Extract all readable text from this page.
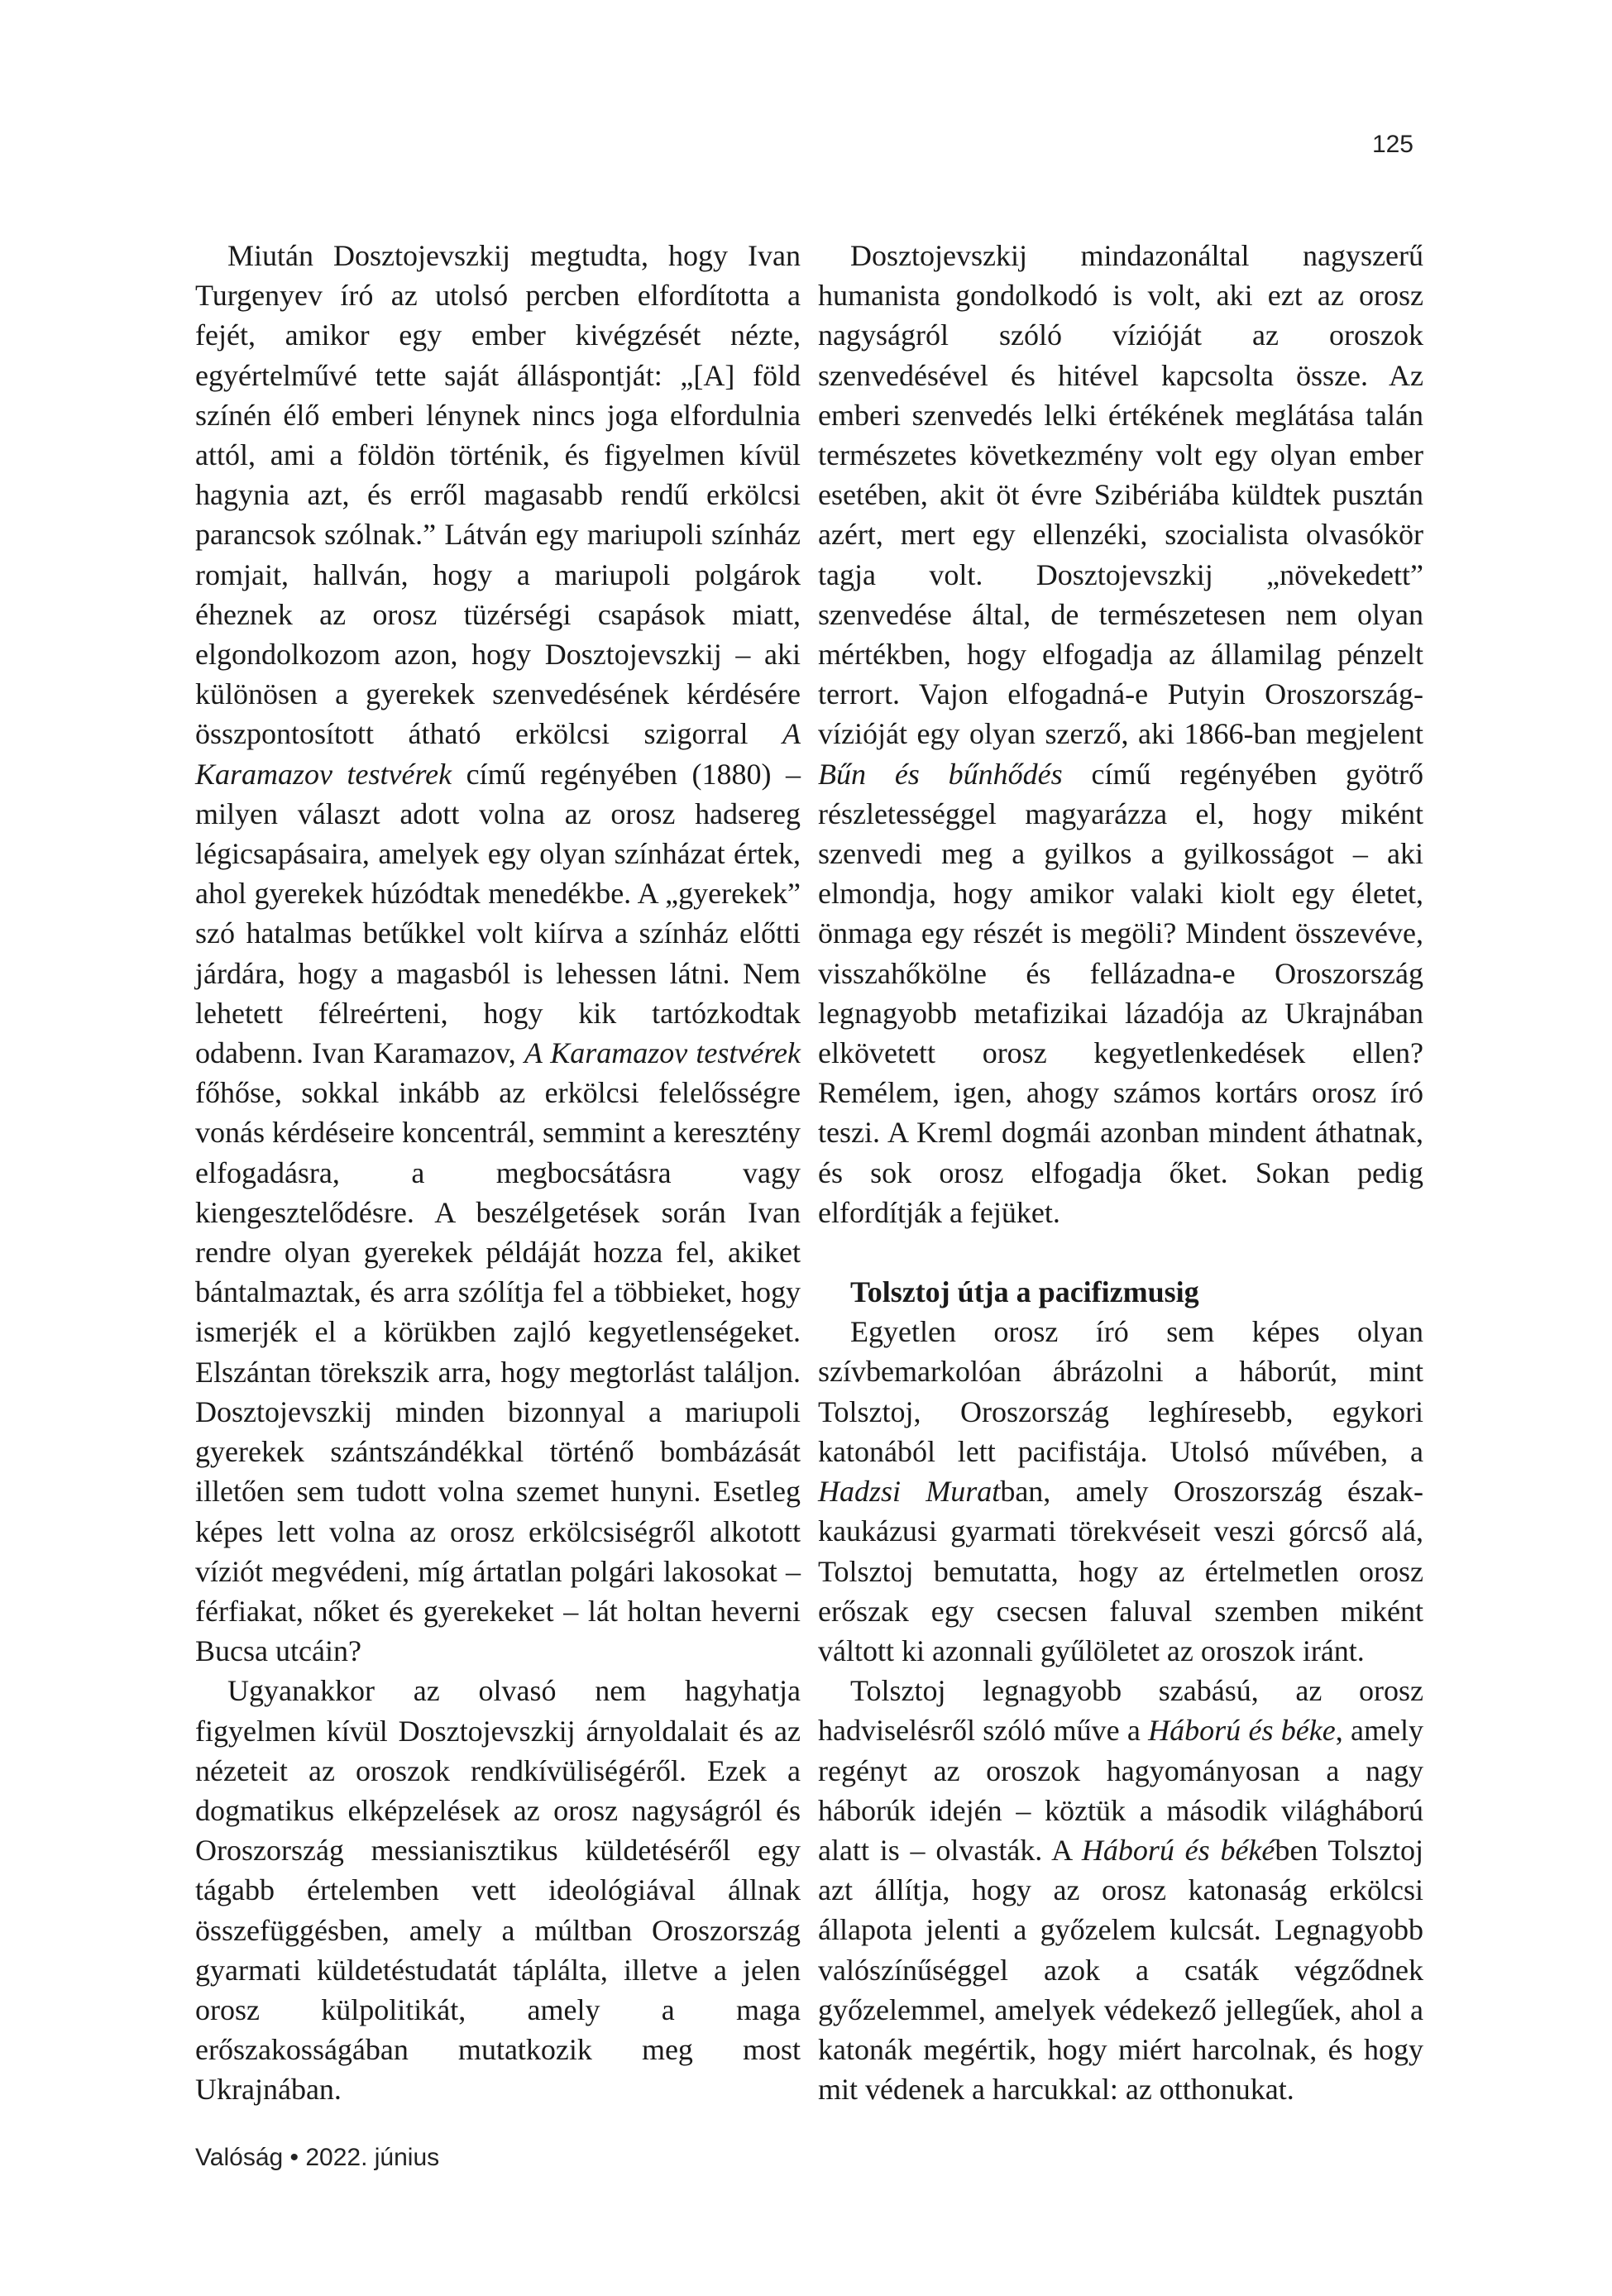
125

Miután Dosztojevszkij megtudta, hogy Ivan Turgenyev író az utolsó percben elfordította a fejét, amikor egy ember kivégzését nézte, egyértelművé tette saját álláspontját: „[A] föld színén élő emberi lénynek nincs joga elfordulnia attól, ami a földön történik, és figyelmen kívül hagynia azt, és erről magasabb rendű erkölcsi parancsok szólnak.” Látván egy mariupoli színház romjait, hallván, hogy a mariupoli polgárok éheznek az orosz tüzérségi csapások miatt, elgondolkozom azon, hogy Dosztojevszkij – aki különösen a gyerekek szenvedésének kérdésére összpontosított átható erkölcsi szigorral A Karamazov testvérek című regényében (1880) – milyen választ adott volna az orosz hadsereg légicsapásaira, amelyek egy olyan színházat értek, ahol gyerekek húzódtak menedékbe. A „gyerekek” szó hatalmas betűkkel volt kiírva a színház előtti járdára, hogy a magasból is lehessen látni. Nem lehetett félreérteni, hogy kik tartózkodtak odabenn. Ivan Karamazov, A Karamazov testvérek főhőse, sokkal inkább az erkölcsi felelősségre vonás kérdéseire koncentrál, semmint a keresztény elfogadásra, a megbocsátásra vagy kiengesztelődésre. A beszélgetések során Ivan rendre olyan gyerekek példáját hozza fel, akiket bántalmaztak, és arra szólítja fel a többieket, hogy ismerjék el a körükben zajló kegyetlenségeket. Elszántan törekszik arra, hogy megtorlást találjon. Dosztojevszkij minden bizonnyal a mariupoli gyerekek szántszándékkal történő bombázását illetően sem tudott volna szemet hunyni. Esetleg képes lett volna az orosz erkölcsiségről alkotott víziót megvédeni, míg ártatlan polgári lakosokat – férfiakat, nőket és gyerekeket – lát holtan heverni Bucsa utcáin?

Ugyanakkor az olvasó nem hagyhatja figyelmen kívül Dosztojevszkij árnyoldalait és az nézeteit az oroszok rendkívüliségéről. Ezek a dogmatikus elképzelések az orosz nagyságról és Oroszország messianisztikus küldetéséről egy tágabb értelemben vett ideológiával állnak összefüggésben, amely a múltban Oroszország gyarmati küldetéstudatát táplálta, illetve a jelen orosz külpolitikát, amely a maga erőszakosságában mutatkozik meg most Ukrajnában.

Dosztojevszkij mindazonáltal nagyszerű humanista gondolkodó is volt, aki ezt az orosz nagyságról szóló vízióját az oroszok szenvedésével és hitével kapcsolta össze. Az emberi szenvedés lelki értékének meglátása talán természetes következmény volt egy olyan ember esetében, akit öt évre Szibériába küldtek pusztán azért, mert egy ellenzéki, szocialista olvasókör tagja volt. Dosztojevszkij „növekedett” szenvedése által, de természetesen nem olyan mértékben, hogy elfogadja az államilag pénzelt terrort. Vajon elfogadná-e Putyin Oroszország-vízióját egy olyan szerző, aki 1866-ban megjelent Bűn és bűnhődés című regényében gyötrő részletességgel magyarázza el, hogy miként szenvedi meg a gyilkos a gyilkosságot – aki elmondja, hogy amikor valaki kiolt egy életet, önmaga egy részét is megöli? Mindent összevéve, visszahőkölne és fellázadna-e Oroszország legnagyobb metafizikai lázadója az Ukrajnában elkövetett orosz kegyetlenkedések ellen? Remélem, igen, ahogy számos kortárs orosz író teszi. A Kreml dogmái azonban mindent áthatnak, és sok orosz elfogadja őket. Sokan pedig elfordítják a fejüket.

Tolsztoj útja a pacifizmusig

Egyetlen orosz író sem képes olyan szívbemarkolóan ábrázolni a háborút, mint Tolsztoj, Oroszország leghíresebb, egykori katonából lett pacifistája. Utolsó művében, a Hadzsi Muratban, amely Oroszország észak-kaukázusi gyarmati törekvéseit veszi górcső alá, Tolsztoj bemutatta, hogy az értelmetlen orosz erőszak egy csecsen faluval szemben miként váltott ki azonnali gyűlöletet az oroszok iránt.

Tolsztoj legnagyobb szabású, az orosz hadviselésről szóló műve a Háború és béke, amely regényt az oroszok hagyományosan a nagy háborúk idején – köztük a második világháború alatt is – olvasták. A Háború és békében Tolsztoj azt állítja, hogy az orosz katonaság erkölcsi állapota jelenti a győzelem kulcsát. Legnagyobb valószínűséggel azok a csaták végződnek győzelemmel, amelyek védekező jellegűek, ahol a katonák megértik, hogy miért harcolnak, és hogy mit védenek a harcukkal: az otthonukat.

Valóság • 2022. június
